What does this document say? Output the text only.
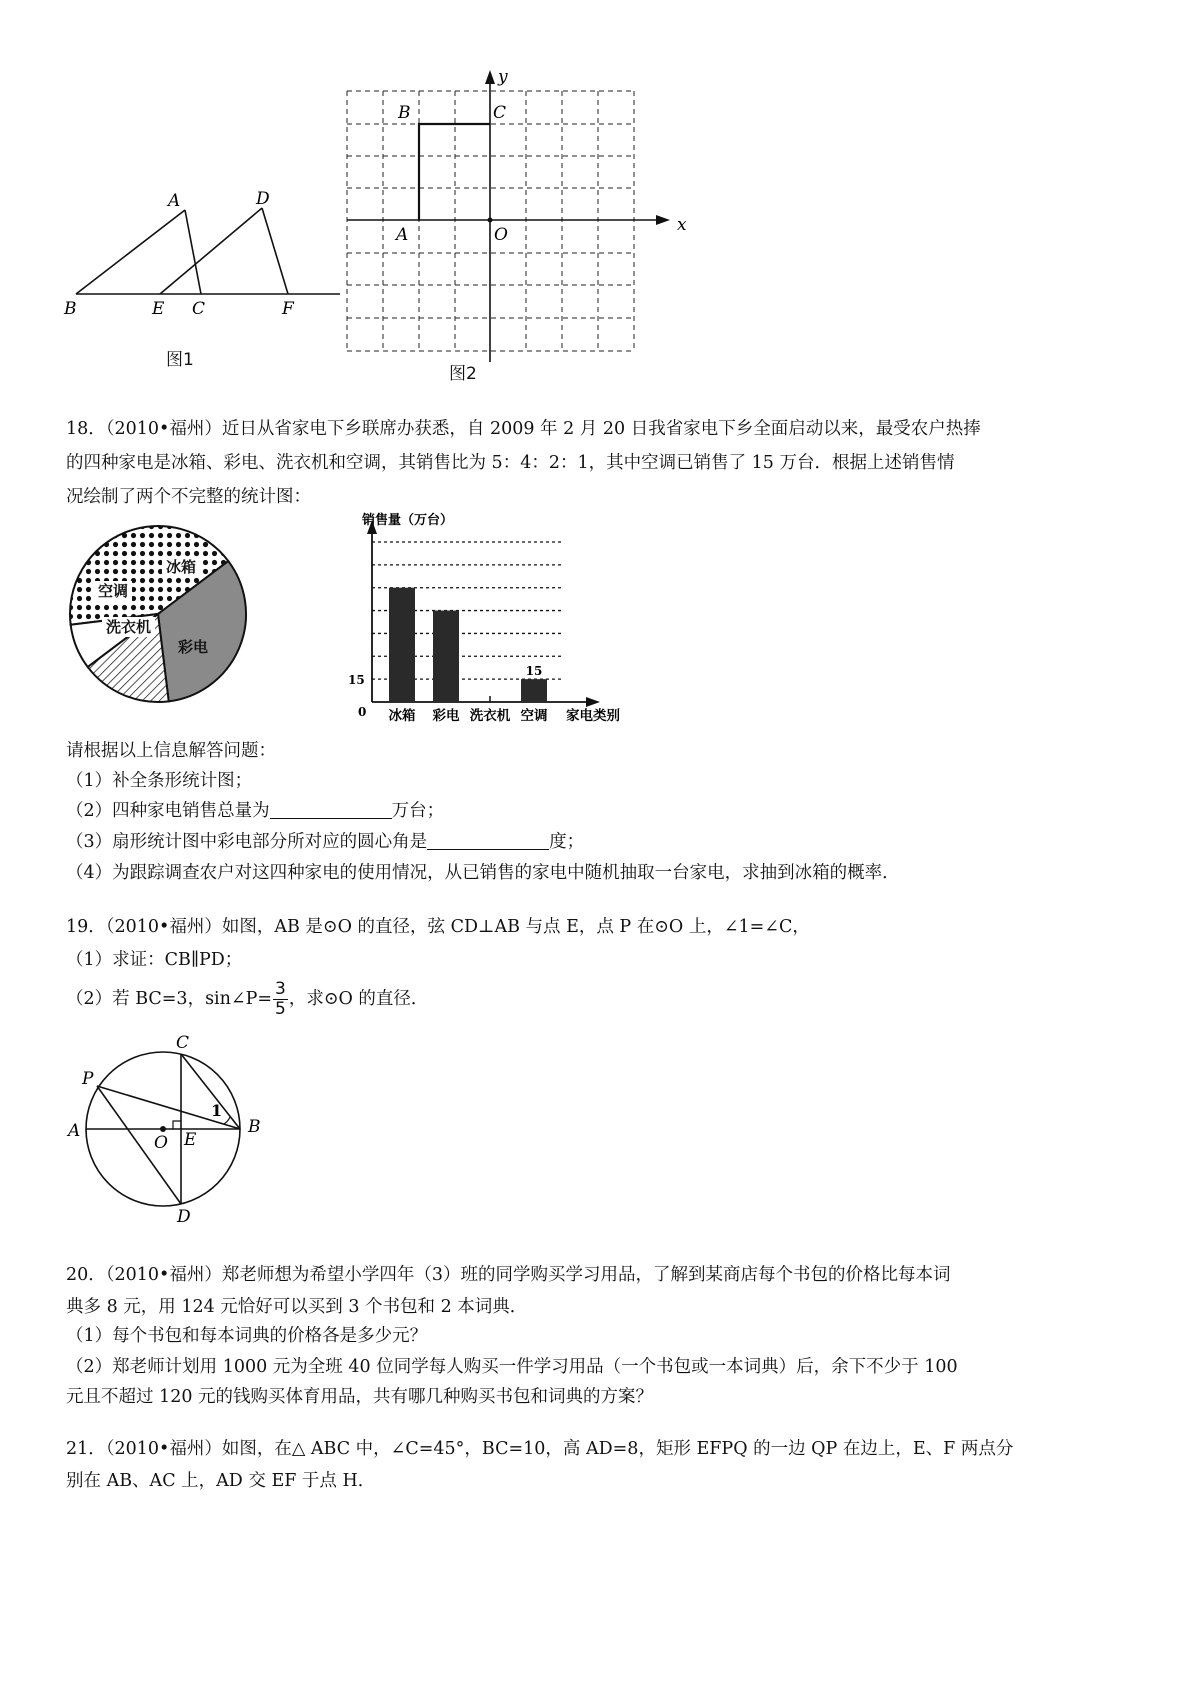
A
B	C
D
E	F
图1
x
y
B	C
A	O
图2
18．（2010•福州）近日从省家电下乡联席办获悉，自 2009 年 2 月 20 日我省家电下乡全面启动以来，最受农户热捧
的四种家电是冰箱、彩电、洗衣机和空调，其销售比为 5：4：2：1，其中空调已销售了 15 万台．根据上述销售情
况绘制了两个不完整的统计图：
冰箱
彩电
洗衣机
空调
冰箱 彩电 洗衣机 空调
15
销售量（万台）
家电类别
0
15
请根据以上信息解答问题：
（1）补全条形统计图；
（2）四种家电销售总量为	万台；
（3）扇形统计图中彩电部分所对应的圆心角是	度；
（4）为跟踪调查农户对这四种家电的使用情况，从已销售的家电中随机抽取一台家电，求抽到冰箱的概率．
19．（2010•福州）如图，AB 是⊙O 的直径，弦 CD⊥AB 与点 E，点 P 在⊙O 上，∠1=∠C，
（1）求证：CB∥PD；
（2）若 BC=3，sin∠P= $\frac{3}{5}$ ，求⊙O 的直径．
A	B
C
D
E
O
P
1
20．（2010•福州）郑老师想为希望小学四年（3）班的同学购买学习用品，了解到某商店每个书包的价格比每本词
典多 8 元，用 124 元恰好可以买到 3 个书包和 2 本词典．
（1）每个书包和每本词典的价格各是多少元？
（2）郑老师计划用 1000 元为全班 40 位同学每人购买一件学习用品（一个书包或一本词典）后，余下不少于 100
元且不超过 120 元的钱购买体育用品，共有哪几种购买书包和词典的方案？
21．（2010•福州）如图，在△ ABC 中，∠C=45°，BC=10，高 AD=8，矩形 EFPQ 的一边 QP 在边上，E、F 两点分
别在 AB、AC 上，AD 交 EF 于点 H．
